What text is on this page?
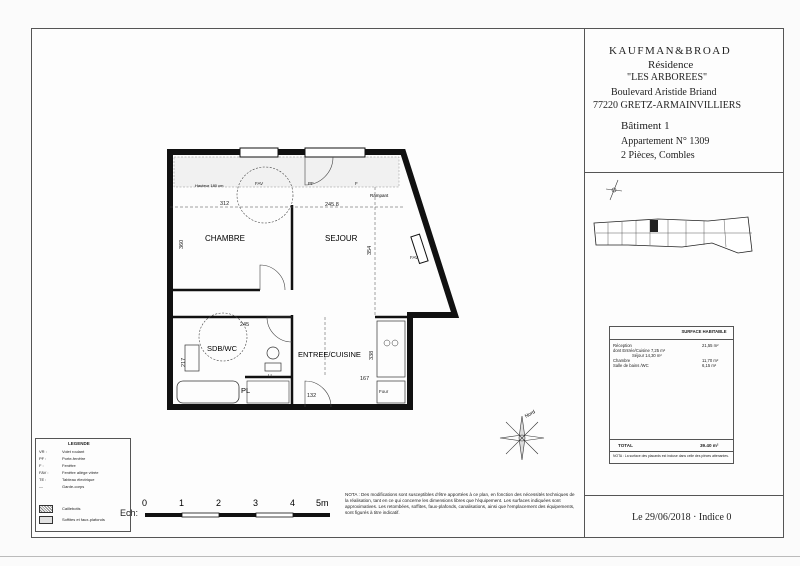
KAUFMAN&BROAD
Résidence
"LES ARBOREES"
Boulevard Aristide Briand
77220 GRETZ-ARMAINVILLIERS
Bâtiment 1
Appartement N° 1309
2 Pièces, Combles
SURFACE HABITABLE
Réception	21,55 m²
dont Entrée/Cuisine 7,25 m²
Séjour 14,30 m²
Chambre	11,70 m²
Salle de bains /WC	6,15 m²
TOTAL	39.40 m²
NOTA : La surface des placards est incluse dans celle des pièces attenantes.
Le 29/06/2018 · Indice 0
CHAMBRE	SEJOUR
SDB/WC
ENTREE/CUISINE
PL
Hauteur 180 cm
Rampant
312	245.8
360
354
245
217
338
167
132
FAV
FAV
PF	F
Four
LL
Nord
LEGENDE
VR :	Volet roulant
PF :	Porte-fenêtre
F :	Fenêtre
FAV :	Fenêtre allège vitrée
TE :	Tableau électrique
—	Garde-corps
Caillebotis
Soffites et faux-plafonds
Ech:
0	1	2	3	4 5m
NOTA : Des modifications sont susceptibles d'être apportées à ce plan, en fonction des nécessités techniques de la réalisation, tant en ce qui concerne les dimensions libres que l'équipement. Les surfaces indiquées sont approximatives. Les retombées, soffites, faux-plafonds, canalisations, ainsi que l'emplacement des équipements, sont figurés à titre indicatif.
